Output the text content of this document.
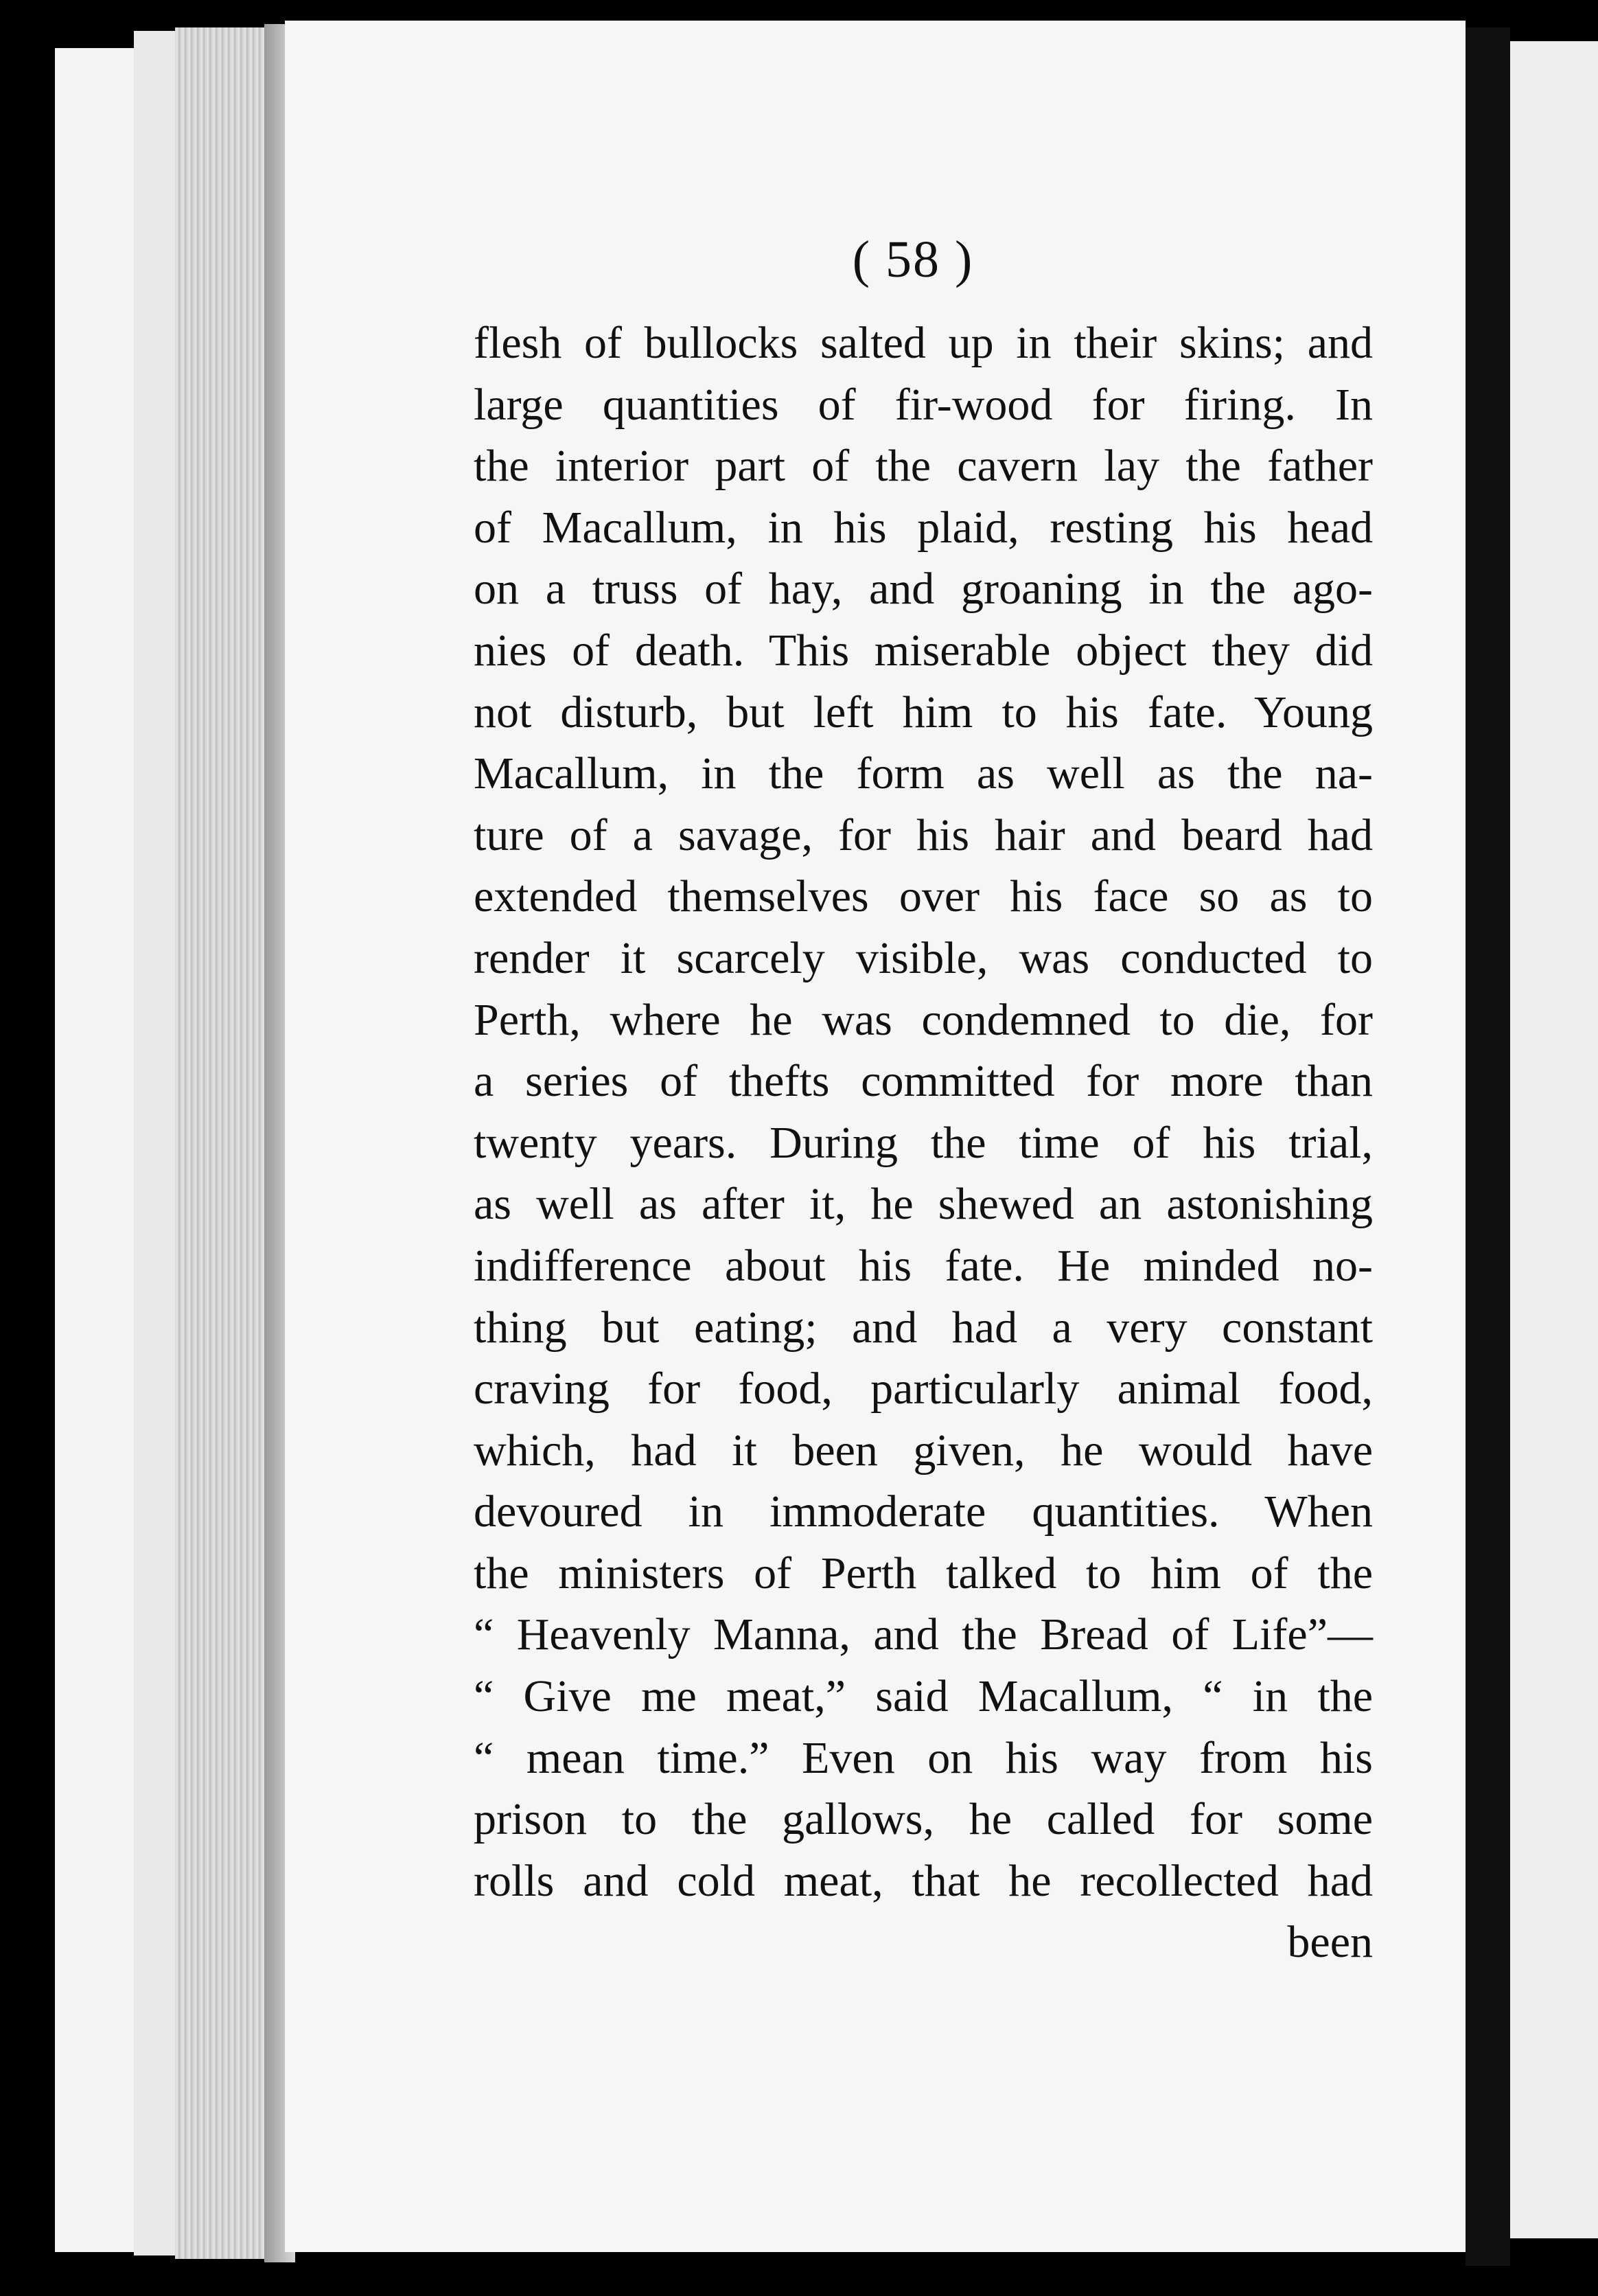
( 58 )
flesh of bullocks salted up in their skins; and
large quantities of fir-wood for firing. In
the interior part of the cavern lay the father
of Macallum, in his plaid, resting his head
on a truss of hay, and groaning in the ago-
nies of death. This miserable object they did
not disturb, but left him to his fate. Young
Macallum, in the form as well as the na-
ture of a savage, for his hair and beard had
extended themselves over his face so as to
render it scarcely visible, was conducted to
Perth, where he was condemned to die, for
a series of thefts committed for more than
twenty years. During the time of his trial,
as well as after it, he shewed an astonishing
indifference about his fate. He minded no-
thing but eating; and had a very constant
craving for food, particularly animal food,
which, had it been given, he would have
devoured in immoderate quantities. When
the ministers of Perth talked to him of the
“ Heavenly Manna, and the Bread of Life”—
“ Give me meat,” said Macallum, “ in the
“ mean time.” Even on his way from his
prison to the gallows, he called for some
rolls and cold meat, that he recollected had
been
